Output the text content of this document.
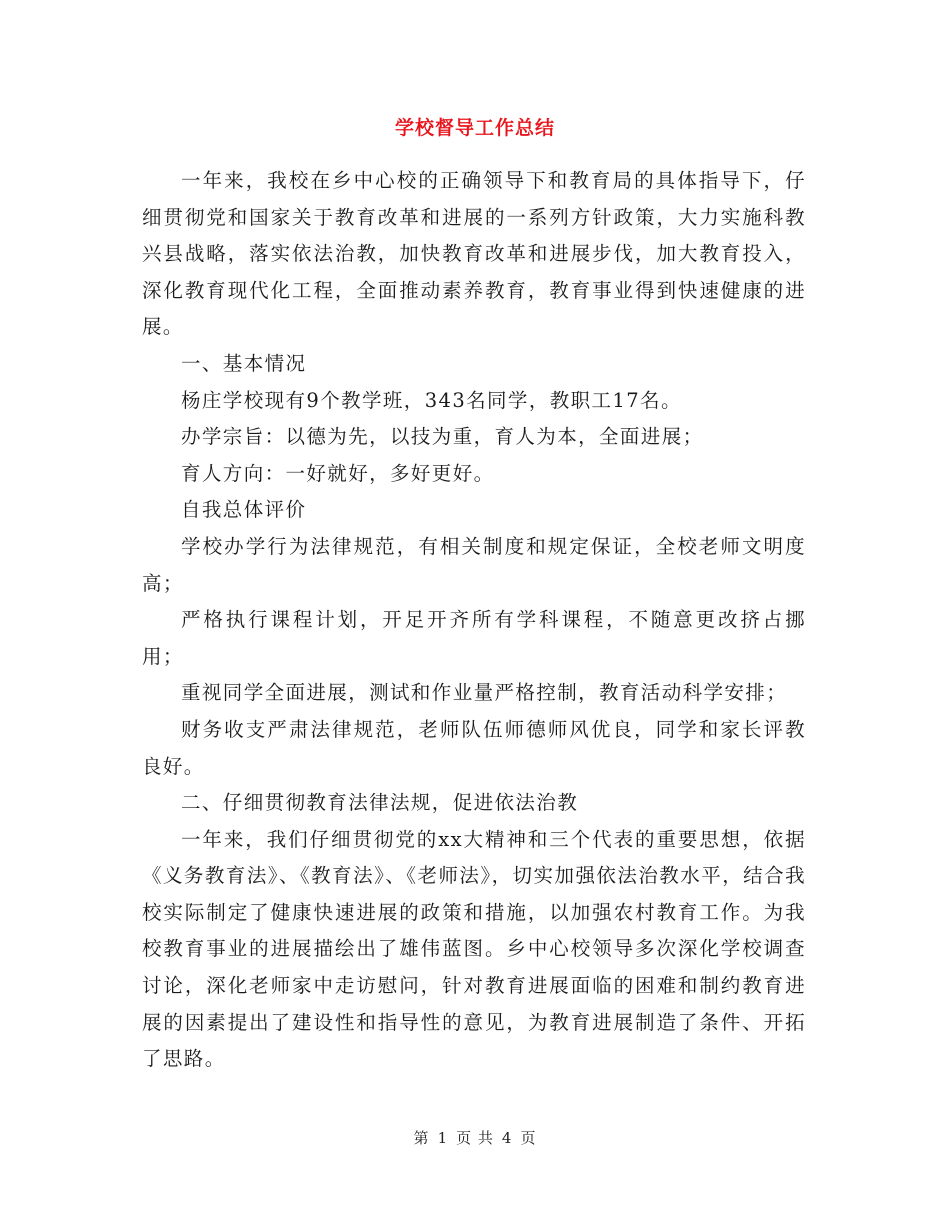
学校督导工作总结

一年来，我校在乡中心校的正确领导下和教育局的具体指导下，仔细贯彻党和国家关于教育改革和进展的一系列方针政策，大力实施科教兴县战略，落实依法治教，加快教育改革和进展步伐，加大教育投入，深化教育现代化工程，全面推动素养教育，教育事业得到快速健康的进展。

一、基本情况

杨庄学校现有9个教学班，343名同学，教职工17名。

办学宗旨：以德为先，以技为重，育人为本，全面进展；

育人方向：一好就好，多好更好。

自我总体评价

学校办学行为法律规范，有相关制度和规定保证，全校老师文明度高；

严格执行课程计划，开足开齐所有学科课程，不随意更改挤占挪用；

重视同学全面进展，测试和作业量严格控制，教育活动科学安排；

财务收支严肃法律规范，老师队伍师德师风优良，同学和家长评教良好。

二、仔细贯彻教育法律法规，促进依法治教

一年来，我们仔细贯彻党的xx大精神和三个代表的重要思想，依据《义务教育法》、《教育法》、《老师法》，切实加强依法治教水平，结合我校实际制定了健康快速进展的政策和措施，以加强农村教育工作。为我校教育事业的进展描绘出了雄伟蓝图。乡中心校领导多次深化学校调查讨论，深化老师家中走访慰问，针对教育进展面临的困难和制约教育进展的因素提出了建设性和指导性的意见，为教育进展制造了条件、开拓了思路。

第 1 页 共 4 页
